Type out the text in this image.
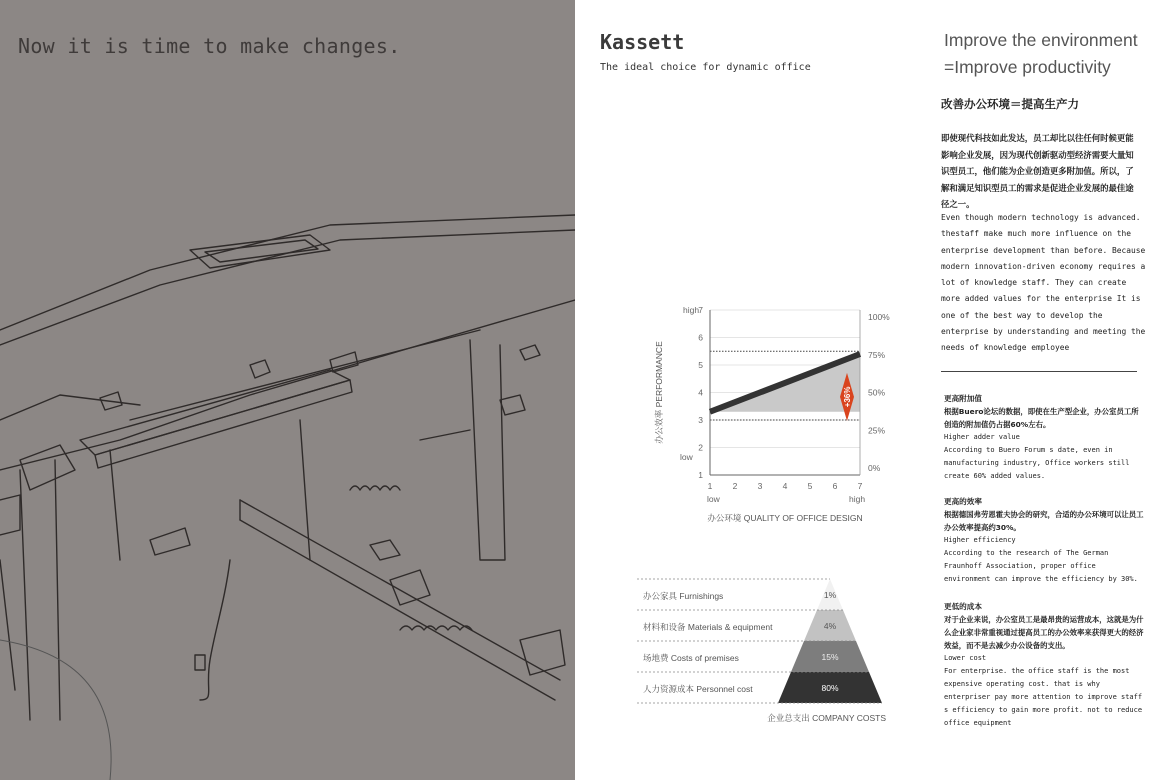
Now it is time to make changes.	Kassett
The ideal choice for dynamic office
1
2
3
4
5
6
7
1 2 3 4 5 6 7
0%
25%
50%
75%
100%
high
low
low	high
办公环境 QUALITY OF OFFICE DESIGN
办公效率 PERFORMANCE	+36%
办公家具 Furnishings	1%
材料和设备 Materials & equipment	4%
场地费 Costs of premises	15%
人力资源成本 Personnel cost	80%
企业总支出 COMPANY COSTS
Improve the environment
=Improve productivity
改善办公环境＝提高生产力
即使现代科技如此发达，员工却比以往任何时候更能影响企业发展，因为现代创新驱动型经济需要大量知识型员工，他们能为企业创造更多附加值。所以，了解和满足知识型员工的需求是促进企业发展的最佳途径之一。
Even though modern technology is advanced. thestaff make much more influence on the enterprise development than before. Because modern innovation-driven economy requires a lot of knowledge staff. They can create more added values for the enterprise It is one of the best way to develop the enterprise by understanding and meeting the needs of knowledge employee
更高附加值
根据Buero论坛的数据，即使在生产型企业，办公室员工所创造的附加值仍占据60%左右。
Higher adder value
According to Buero Forum s date, even in manufacturing industry, Office workers still create 60% added values.
更高的效率
根据德国弗劳恩霍夫协会的研究，合适的办公环境可以让员工办公效率提高约30%。
Higher efficiency
According to the research of The German Fraunhoff Association, proper office environment can improve the efficiency by 30%.
更低的成本
对于企业来说，办公室员工是最昂贵的运营成本，这就是为什么企业家非常重视通过提高员工的办公效率来获得更大的经济效益，而不是去减少办公设备的支出。
Lower cost
For enterprise. the office staff is the most expensive operating cost. that is why enterpriser pay more attention to improve staff s efficiency to gain more profit. not to reduce office equipment
